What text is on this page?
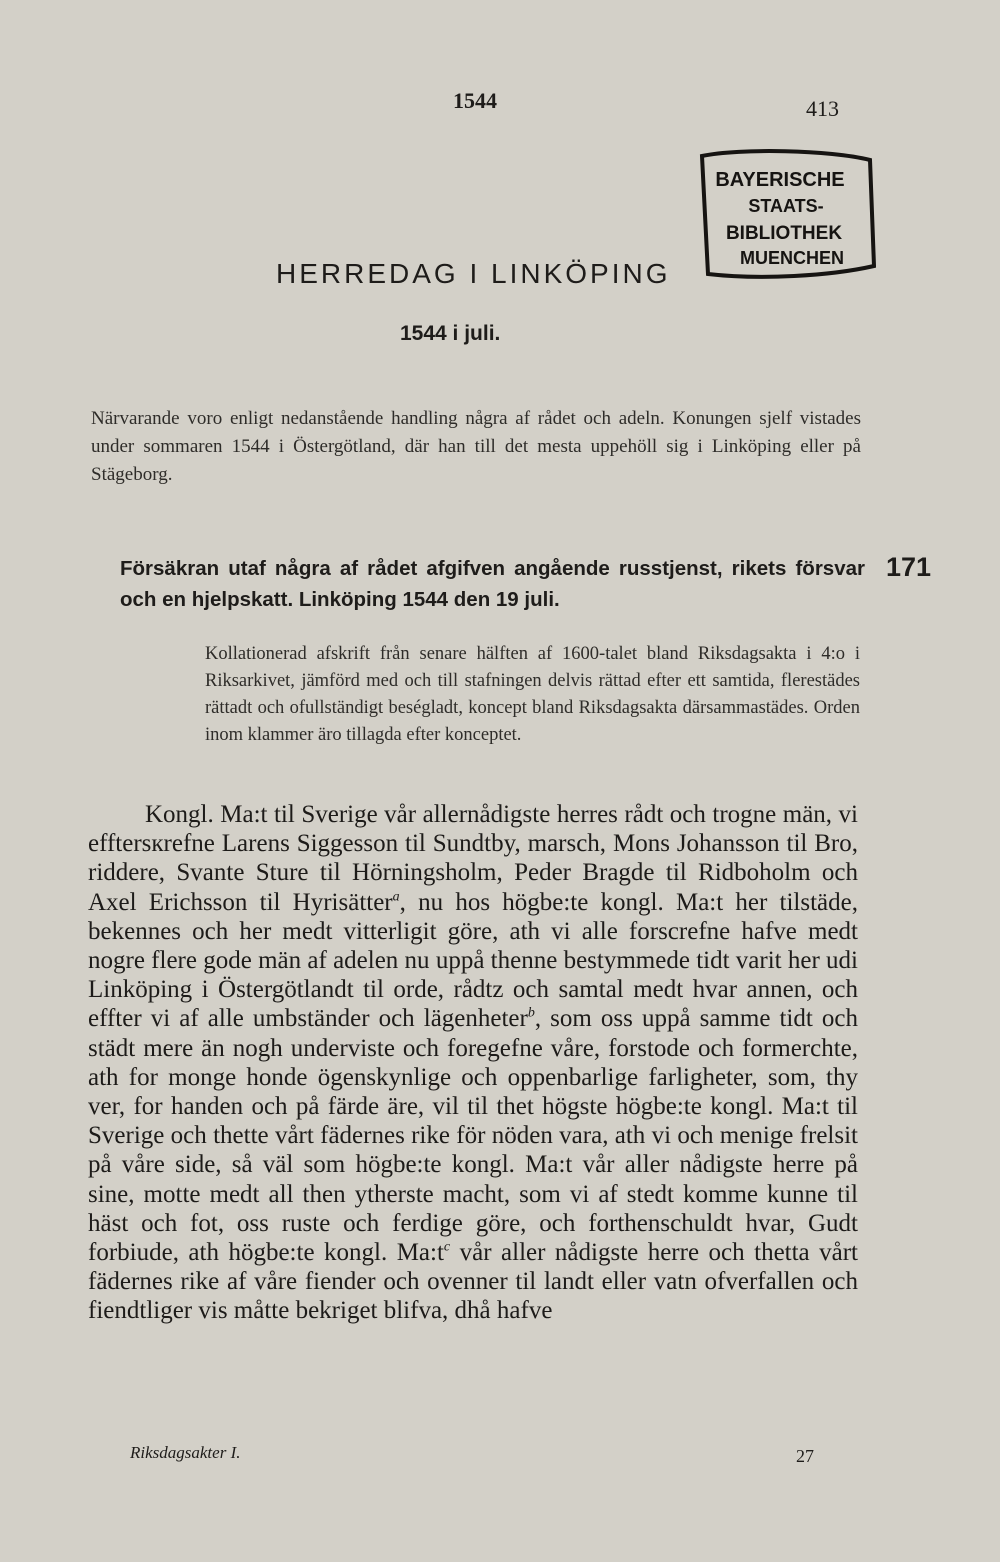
1544	413
BAYERISCHE
STAATS-
BIBLIOTHEK
MUENCHEN
HERREDAG I LINKÖPING
1544 i juli.
Närvarande voro enligt nedanstående handling några af rådet och adeln. Konungen sjelf vistades under sommaren 1544 i Östergötland, där han till det mesta uppehöll sig i Linköping eller på Stägeborg.
Försäkran utaf några af rådet afgifven angående russtjenst, rikets försvar och en hjelpskatt. Linköping 1544 den 19 juli.
171
Kollationerad afskrift från senare hälften af 1600-talet bland Riksdagsakta i 4:o i Riksarkivet, jämförd med och till stafningen delvis rättad efter ett samtida, flerestädes rättadt och ofullständigt beségladt, koncept bland Riksdagsakta därsammastädes. Orden inom klammer äro tillagda efter konceptet.

Kongl. Ma:t til Sverige vår allernådigste herres rådt och trogne män, vi efftersкrefne Larens Siggesson til Sundtby, marsch, Mons Johansson til Bro, riddere, Svante Sture til Hörningsholm, Peder Bragde til Ridboholm och Axel Erichsson til Hyrisätter$^a$, nu hos högbe:te kongl. Ma:t her tilstäde, bekennes och her medt vitterligit göre, ath vi alle forscrefne hafve medt nogre flere gode män af adelen nu uppå thenne bestymmede tidt varit her udi Linköping i Östergötlandt til orde, rådtz och samtal medt hvar annen, och effter vi af alle umbständer och lägenheter$^b$, som oss uppå samme tidt och städt mere än nogh underviste och foregefne våre, forstode och formerchte, ath for monge honde ögenskynlige och oppenbarlige farligheter, som, thy ver, for handen och på färde äre, vil til thet högste högbe:te kongl. Ma:t til Sverige och thette vårt fädernes rike för nöden vara, ath vi och menige frelsit på våre side, så väl som högbe:te kongl. Ma:t vår aller nådigste herre på sine, motte medt all then ytherste macht, som vi af stedt komme kunne til häst och fot, oss ruste och ferdige göre, och forthenschuldt hvar, Gudt forbiude, ath högbe:te kongl. $Ma:t^c$ vår aller nådigste herre och thetta vårt fädernes rike af våre fiender och ovenner til landt eller vatn ofverfallen och fiendtliger vis måtte bekriget blifva, dhå hafve

Riksdagsakter I.	27
